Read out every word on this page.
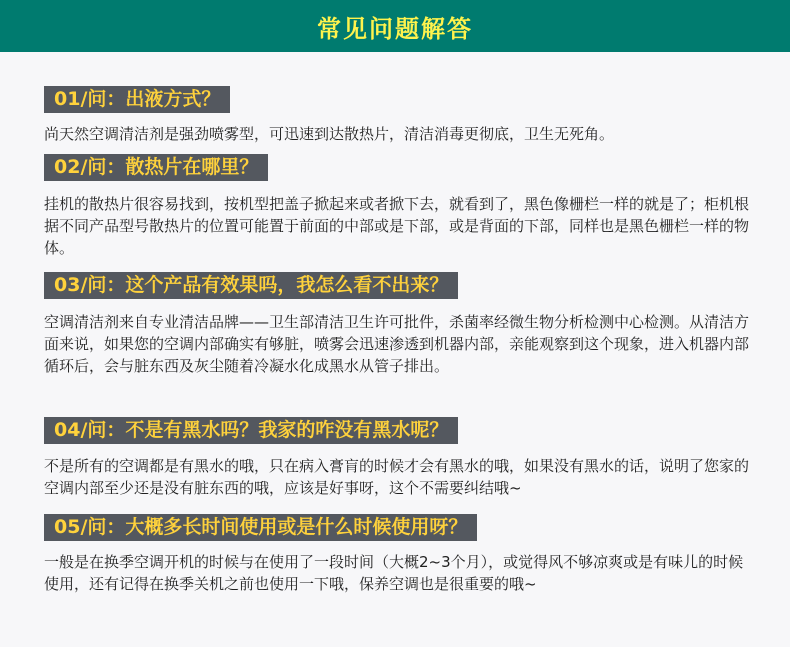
常见问题解答
01/问：出液方式？
尚天然空调清洁剂是强劲喷雾型，可迅速到达散热片，清洁消毒更彻底，卫生无死角。
02/问：散热片在哪里？
挂机的散热片很容易找到，按机型把盖子掀起来或者掀下去，就看到了，黑色像栅栏一样的就是了；柜机根据不同产品型号散热片的位置可能置于前面的中部或是下部，或是背面的下部，同样也是黑色栅栏一样的物体。
03/问：这个产品有效果吗，我怎么看不出来？
空调清洁剂来自专业清洁品牌——卫生部清洁卫生许可批件，杀菌率经微生物分析检测中心检测。从清洁方面来说，如果您的空调内部确实有够脏，喷雾会迅速渗透到机器内部，亲能观察到这个现象，进入机器内部循环后，会与脏东西及灰尘随着冷凝水化成黑水从管子排出。
04/问：不是有黑水吗？我家的咋没有黑水呢？
不是所有的空调都是有黑水的哦，只在病入膏肓的时候才会有黑水的哦，如果没有黑水的话，说明了您家的空调内部至少还是没有脏东西的哦，应该是好事呀，这个不需要纠结哦~
05/问：大概多长时间使用或是什么时候使用呀？
一般是在换季空调开机的时候与在使用了一段时间（大概2~3个月），或觉得风不够凉爽或是有味儿的时候使用，还有记得在换季关机之前也使用一下哦，保养空调也是很重要的哦~
